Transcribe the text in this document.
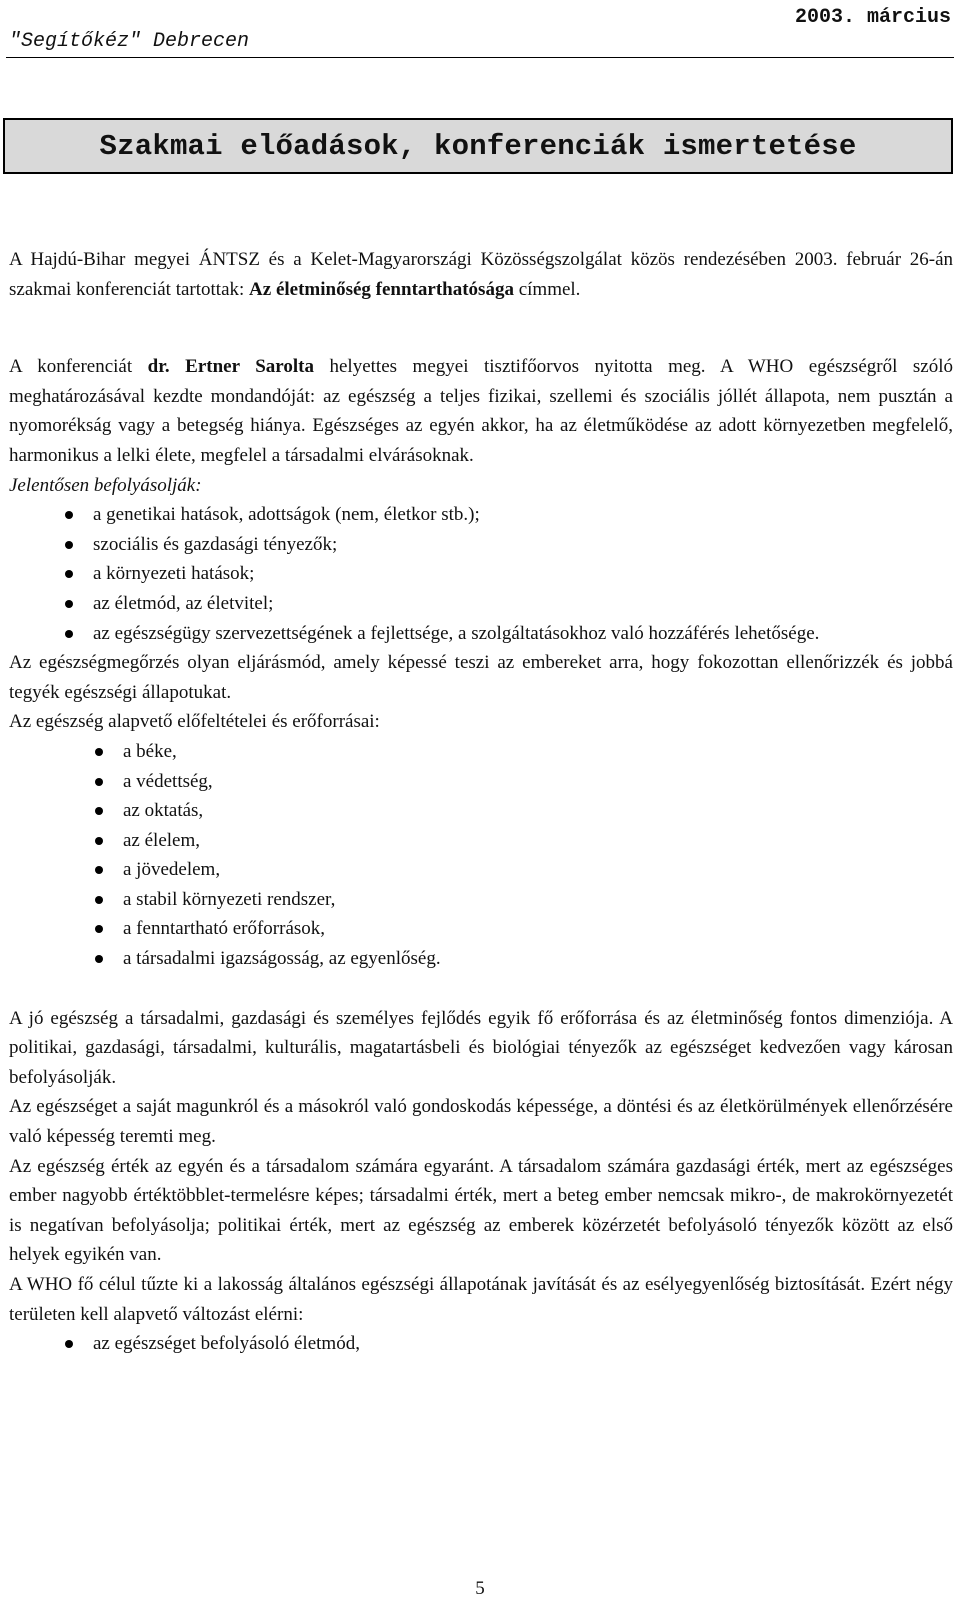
"Segítőkéz" Debrecen
2003. március
Szakmai előadások, konferenciák ismertetése

A Hajdú-Bihar megyei ÁNTSZ és a Kelet-Magyarországi Közösségszolgálat közös rendezésében 2003. február 26-án szakmai konferenciát tartottak: Az életminőség fenntarthatósága címmel.

A konferenciát dr. Ertner Sarolta helyettes megyei tisztifőorvos nyitotta meg. A WHO egészségről szóló meghatározásával kezdte mondandóját: az egészség a teljes fizikai, szellemi és szociális jóllét állapota, nem pusztán a nyomorékság vagy a betegség hiánya. Egészséges az egyén akkor, ha az életműködése az adott környezetben megfelelő, harmonikus a lelki élete, megfelel a társadalmi elvárásoknak.

Jelentősen befolyásolják:

a genetikai hatások, adottságok (nem, életkor stb.);
szociális és gazdasági tényezők;
a környezeti hatások;
az életmód, az életvitel;
az egészségügy szervezettségének a fejlettsége, a szolgáltatásokhoz való hozzáférés lehetősége.

Az egészségmegőrzés olyan eljárásmód, amely képessé teszi az embereket arra, hogy fokozottan ellenőrizzék és jobbá tegyék egészségi állapotukat.

Az egészség alapvető előfeltételei és erőforrásai:

a béke,
a védettség,
az oktatás,
az élelem,
a jövedelem,
a stabil környezeti rendszer,
a fenntartható erőforrások,
a társadalmi igazságosság, az egyenlőség.

A jó egészség a társadalmi, gazdasági és személyes fejlődés egyik fő erőforrása és az életminőség fontos dimenziója. A politikai, gazdasági, társadalmi, kulturális, magatartásbeli és biológiai tényezők az egészséget kedvezően vagy károsan befolyásolják.

Az egészséget a saját magunkról és a másokról való gondoskodás képessége, a döntési és az életkörülmények ellenőrzésére való képesség teremti meg.

Az egészség érték az egyén és a társadalom számára egyaránt. A társadalom számára gazdasági érték, mert az egészséges ember nagyobb értéktöbblet-termelésre képes; társadalmi érték, mert a beteg ember nemcsak mikro-, de makrokörnyezetét is negatívan befolyásolja; politikai érték, mert az egészség az emberek közérzetét befolyásoló tényezők között az első helyek egyikén van.

A WHO fő célul tűzte ki a lakosság általános egészségi állapotának javítását és az esélyegyenlőség biztosítását. Ezért négy területen kell alapvető változást elérni:

az egészséget befolyásoló életmód,
5
